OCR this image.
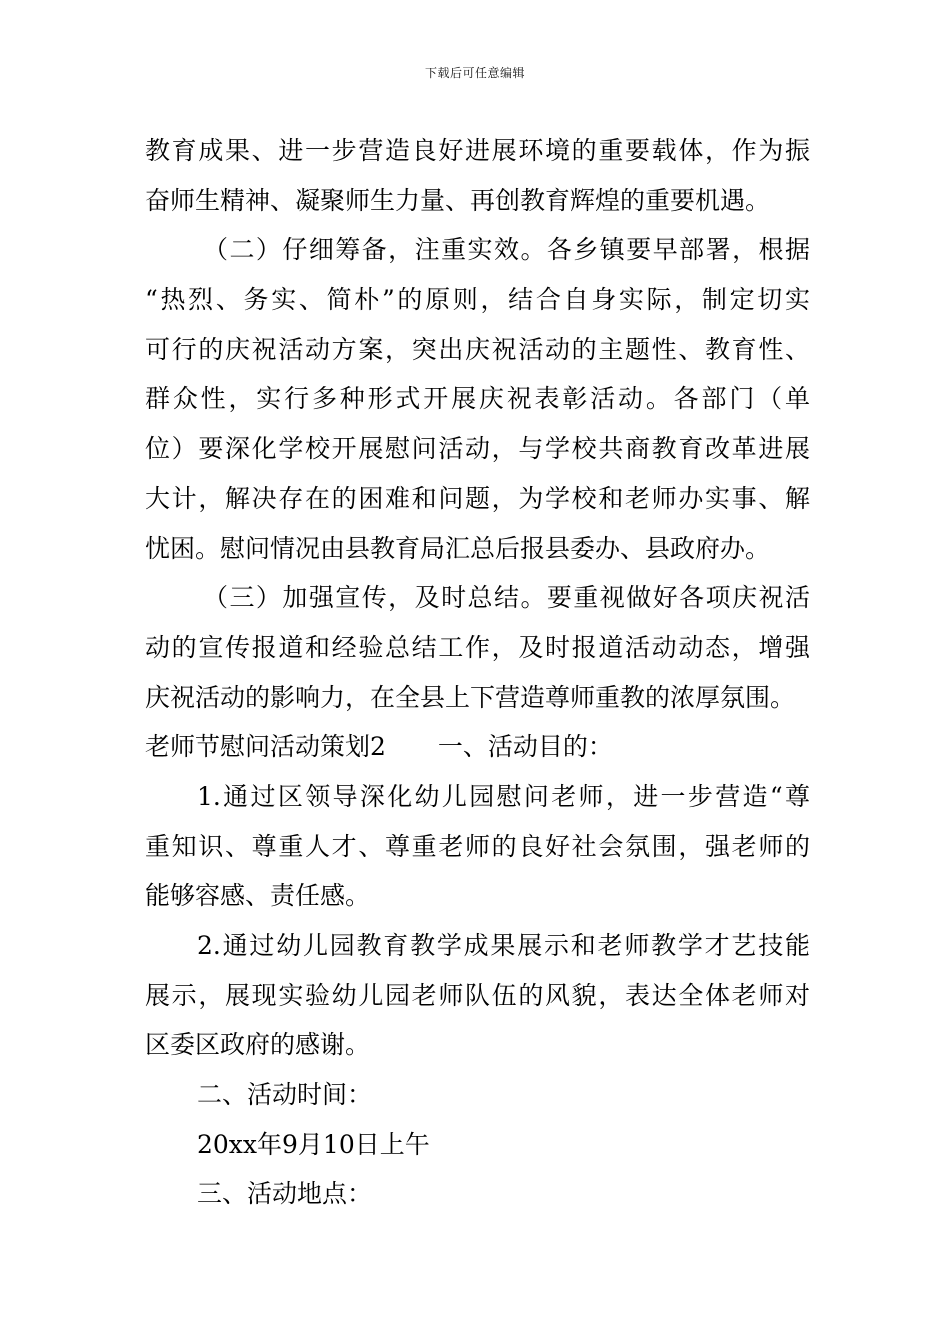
下载后可任意编辑
教育成果、进一步营造良好进展环境的重要载体，作为振
奋师生精神、凝聚师生力量、再创教育辉煌的重要机遇。
（二）仔细筹备，注重实效。各乡镇要早部署，根据
“热烈、务实、简朴”的原则，结合自身实际，制定切实
可行的庆祝活动方案，突出庆祝活动的主题性、教育性、
群众性，实行多种形式开展庆祝表彰活动。各部门（单
位）要深化学校开展慰问活动，与学校共商教育改革进展
大计，解决存在的困难和问题，为学校和老师办实事、解
忧困。慰问情况由县教育局汇总后报县委办、县政府办。
（三）加强宣传，及时总结。要重视做好各项庆祝活
动的宣传报道和经验总结工作，及时报道活动动态，增强
庆祝活动的影响力，在全县上下营造尊师重教的浓厚氛围。
老师节慰问活动策划2 一、活动目的：
1.通过区领导深化幼儿园慰问老师，进一步营造“尊
重知识、尊重人才、尊重老师的良好社会氛围，强老师的
能够容感、责任感。
2.通过幼儿园教育教学成果展示和老师教学才艺技能
展示，展现实验幼儿园老师队伍的风貌，表达全体老师对
区委区政府的感谢。
二、活动时间：
20xx年9月10日上午
三、活动地点：
